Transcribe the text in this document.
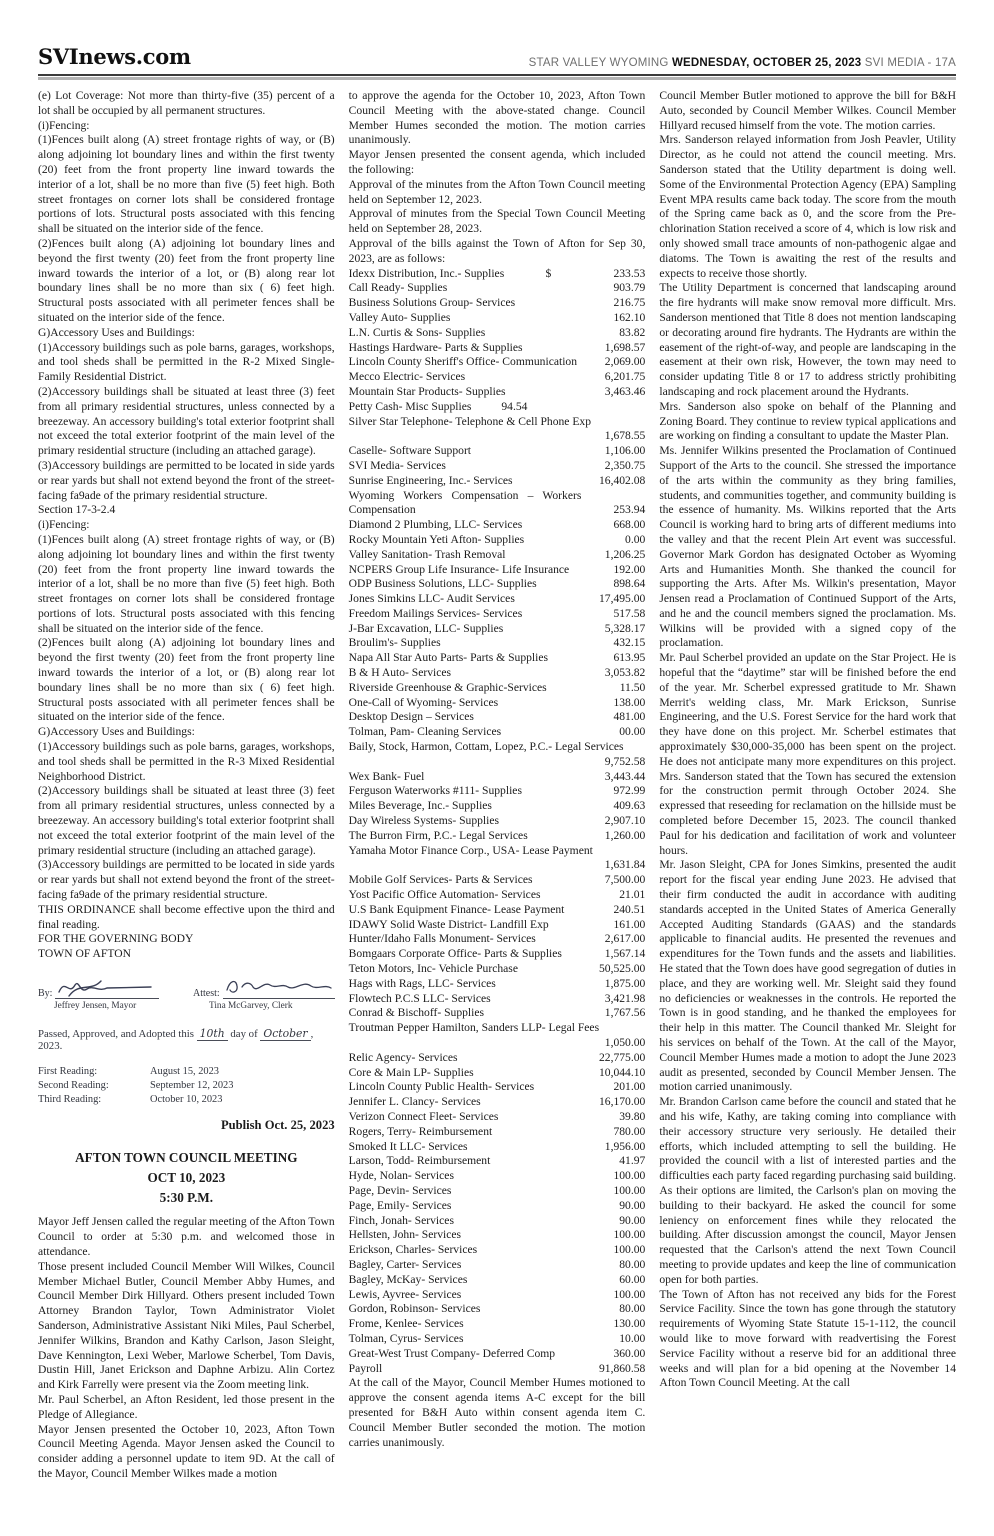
SVInews.com	STAR VALLEY WYOMING WEDNESDAY, OCTOBER 25, 2023 SVI MEDIA - 17A

(e) Lot Coverage: Not more than thirty-five (35) percent of a lot shall be occupied by all permanent structures.

(i)Fencing:

(1)Fences built along (A) street frontage rights of way, or (B) along adjoining lot boundary lines and within the first twenty (20) feet from the front property line inward towards the interior of a lot, shall be no more than five (5) feet high. Both street frontages on corner lots shall be considered frontage portions of lots. Structural posts associated with this fencing shall be situated on the interior side of the fence.

(2)Fences built along (A) adjoining lot boundary lines and beyond the first twenty (20) feet from the front property line inward towards the interior of a lot, or (B) along rear lot boundary lines shall be no more than six ( 6) feet high. Structural posts associated with all perimeter fences shall be situated on the interior side of the fence.

G)Accessory Uses and Buildings:

(1)Accessory buildings such as pole barns, garages, workshops, and tool sheds shall be permitted in the R-2 Mixed Single-Family Residential District.

(2)Accessory buildings shall be situated at least three (3) feet from all primary residential structures, unless connected by a breezeway. An accessory building's total exterior footprint shall not exceed the total exterior footprint of the main level of the primary residential structure (including an attached garage).

(3)Accessory buildings are permitted to be located in side yards or rear yards but shall not extend beyond the front of the street-facing fa9ade of the primary residential structure.

Section 17-3-2.4

(i)Fencing:

(1)Fences built along (A) street frontage rights of way, or (B) along adjoining lot boundary lines and within the first twenty (20) feet from the front property line inward towards the interior of a lot, shall be no more than five (5) feet high. Both street frontages on corner lots shall be considered frontage portions of lots. Structural posts associated with this fencing shall be situated on the interior side of the fence.

(2)Fences built along (A) adjoining lot boundary lines and beyond the first twenty (20) feet from the front property line inward towards the interior of a lot, or (B) along rear lot boundary lines shall be no more than six ( 6) feet high. Structural posts associated with all perimeter fences shall be situated on the interior side of the fence.

G)Accessory Uses and Buildings:

(1)Accessory buildings such as pole barns, garages, workshops, and tool sheds shall be permitted in the R-3 Mixed Residential Neighborhood District.

(2)Accessory buildings shall be situated at least three (3) feet from all primary residential structures, unless connected by a breezeway. An accessory building's total exterior footprint shall not exceed the total exterior footprint of the main level of the primary residential structure (including an attached garage).

(3)Accessory buildings are permitted to be located in side yards or rear yards but shall not extend beyond the front of the street-facing fa9ade of the primary residential structure.

THIS ORDINANCE shall become effective upon the third and final reading.

FOR THE GOVERNING BODY

TOWN OF AFTON

By:
Jeffrey Jensen, Mayor
Attest:
Tina McGarvey, Clerk

Passed, Approved, and Adopted this 10th day of October , 2023.

First Reading:	August 15, 2023
Second Reading:	September 12, 2023
Third Reading:	October 10, 2023

Publish Oct. 25, 2023

AFTON TOWN COUNCIL MEETING
OCT 10, 2023
5:30 P.M.

Mayor Jeff Jensen called the regular meeting of the Afton Town Council to order at 5:30 p.m. and welcomed those in attendance.

Those present included Council Member Will Wilkes, Council Member Michael Butler, Council Member Abby Humes, and Council Member Dirk Hillyard. Others present included Town Attorney Brandon Taylor, Town Administrator Violet Sanderson, Administrative Assistant Niki Miles, Paul Scherbel, Jennifer Wilkins, Brandon and Kathy Carlson, Jason Sleight, Dave Kennington, Lexi Weber, Marlowe Scherbel, Tom Davis, Dustin Hill, Janet Erickson and Daphne Arbizu. Alin Cortez and Kirk Farrelly were present via the Zoom meeting link.

Mr. Paul Scherbel, an Afton Resident, led those present in the Pledge of Allegiance.

Mayor Jensen presented the October 10, 2023, Afton Town Council Meeting Agenda. Mayor Jensen asked the Council to consider adding a personnel update to item 9D. At the call of the Mayor, Council Member Wilkes made a motion

to approve the agenda for the October 10, 2023, Afton Town Council Meeting with the above-stated change. Council Member Humes seconded the motion. The motion carries unanimously.

Mayor Jensen presented the consent agenda, which included the following:

Approval of the minutes from the Afton Town Council meeting held on September 12, 2023.

Approval of minutes from the Special Town Council Meeting held on September 28, 2023.

Approval of the bills against the Town of Afton for Sep 30, 2023, are as follows:

Idexx Distribution, Inc.- Supplies	$	233.53
Call Ready- Supplies	903.79
Business Solutions Group- Services	216.75
Valley Auto- Supplies	162.10
L.N. Curtis & Sons- Supplies	83.82
Hastings Hardware- Parts & Supplies	1,698.57
Lincoln County Sheriff's Office- Communication	2,069.00
Mecco Electric- Services	6,201.75
Mountain Star Products- Supplies	3,463.46
Petty Cash- Misc Supplies	94.54
Silver Star Telephone- Telephone & Cell Phone Exp
1,678.55
Caselle- Software Support	1,106.00
SVI Media- Services	2,350.75
Sunrise Engineering, Inc.- Services	16,402.08
Wyoming Workers Compensation – Workers Compensation	253.94
Diamond 2 Plumbing, LLC- Services	668.00
Rocky Mountain Yeti Afton- Supplies	0.00
Valley Sanitation- Trash Removal	1,206.25
NCPERS Group Life Insurance- Life Insurance	192.00
ODP Business Solutions, LLC- Supplies	898.64
Jones Simkins LLC- Audit Services	17,495.00
Freedom Mailings Services- Services	517.58
J-Bar Excavation, LLC- Supplies	5,328.17
Broulim's- Supplies	432.15
Napa All Star Auto Parts- Parts & Supplies	613.95
B & H Auto- Services	3,053.82
Riverside Greenhouse & Graphic-Services	11.50
One-Call of Wyoming- Services	138.00
Desktop Design – Services	481.00
Tolman, Pam- Cleaning Services	00.00
Baily, Stock, Harmon, Cottam, Lopez, P.C.- Legal Services
9,752.58
Wex Bank- Fuel	3,443.44
Ferguson Waterworks #111- Supplies	972.99
Miles Beverage, Inc.- Supplies	409.63
Day Wireless Systems- Supplies	2,907.10
The Burron Firm, P.C.- Legal Services	1,260.00
Yamaha Motor Finance Corp., USA- Lease Payment
1,631.84
Mobile Golf Services- Parts & Services	7,500.00
Yost Pacific Office Automation- Services	21.01
U.S Bank Equipment Finance- Lease Payment	240.51
IDAWY Solid Waste District- Landfill Exp	161.00
Hunter/Idaho Falls Monument- Services	2,617.00
Bomgaars Corporate Office- Parts & Supplies	1,567.14
Teton Motors, Inc- Vehicle Purchase	50,525.00
Hags with Rags, LLC- Services	1,875.00
Flowtech P.C.S LLC- Services	3,421.98
Conrad & Bischoff- Supplies	1,767.56
Troutman Pepper Hamilton, Sanders LLP- Legal Fees
1,050.00
Relic Agency- Services	22,775.00
Core & Main LP- Supplies	10,044.10
Lincoln County Public Health- Services	201.00
Jennifer L. Clancy- Services	16,170.00
Verizon Connect Fleet- Services	39.80
Rogers, Terry- Reimbursement	780.00
Smoked It LLC- Services	1,956.00
Larson, Todd- Reimbursement	41.97
Hyde, Nolan- Services	100.00
Page, Devin- Services	100.00
Page, Emily- Services	90.00
Finch, Jonah- Services	90.00
Hellsten, John- Services	100.00
Erickson, Charles- Services	100.00
Bagley, Carter- Services	80.00
Bagley, McKay- Services	60.00
Lewis, Ayvree- Services	100.00
Gordon, Robinson- Services	80.00
Frome, Kenlee- Services	130.00
Tolman, Cyrus- Services	10.00
Great-West Trust Company- Deferred Comp	360.00
Payroll	91,860.58

At the call of the Mayor, Council Member Humes motioned to approve the consent agenda items A-C except for the bill presented for B&H Auto within consent agenda item C. Council Member Butler seconded the motion. The motion carries unanimously.

Council Member Butler motioned to approve the bill for B&H Auto, seconded by Council Member Wilkes. Council Member Hillyard recused himself from the vote. The motion carries.

Mrs. Sanderson relayed information from Josh Peavler, Utility Director, as he could not attend the council meeting. Mrs. Sanderson stated that the Utility department is doing well. Some of the Environmental Protection Agency (EPA) Sampling Event MPA results came back today. The score from the mouth of the Spring came back as 0, and the score from the Pre-chlorination Station received a score of 4, which is low risk and only showed small trace amounts of non-pathogenic algae and diatoms. The Town is awaiting the rest of the results and expects to receive those shortly.

The Utility Department is concerned that landscaping around the fire hydrants will make snow removal more difficult. Mrs. Sanderson mentioned that Title 8 does not mention landscaping or decorating around fire hydrants. The Hydrants are within the easement of the right-of-way, and people are landscaping in the easement at their own risk, However, the town may need to consider updating Title 8 or 17 to address strictly prohibiting landscaping and rock placement around the Hydrants.

Mrs. Sanderson also spoke on behalf of the Planning and Zoning Board. They continue to review typical applications and are working on finding a consultant to update the Master Plan.

Ms. Jennifer Wilkins presented the Proclamation of Continued Support of the Arts to the council. She stressed the importance of the arts within the community as they bring families, students, and communities together, and community building is the essence of humanity. Ms. Wilkins reported that the Arts Council is working hard to bring arts of different mediums into the valley and that the recent Plein Art event was successful. Governor Mark Gordon has designated October as Wyoming Arts and Humanities Month. She thanked the council for supporting the Arts. After Ms. Wilkin's presentation, Mayor Jensen read a Proclamation of Continued Support of the Arts, and he and the council members signed the proclamation. Ms. Wilkins will be provided with a signed copy of the proclamation.

Mr. Paul Scherbel provided an update on the Star Project. He is hopeful that the “daytime” star will be finished before the end of the year. Mr. Scherbel expressed gratitude to Mr. Shawn Merrit's welding class, Mr. Mark Erickson, Sunrise Engineering, and the U.S. Forest Service for the hard work that they have done on this project. Mr. Scherbel estimates that approximately $30,000-35,000 has been spent on the project. He does not anticipate many more expenditures on this project. Mrs. Sanderson stated that the Town has secured the extension for the construction permit through October 2024. She expressed that reseeding for reclamation on the hillside must be completed before December 15, 2023. The council thanked Paul for his dedication and facilitation of work and volunteer hours.

Mr. Jason Sleight, CPA for Jones Simkins, presented the audit report for the fiscal year ending June 2023. He advised that their firm conducted the audit in accordance with auditing standards accepted in the United States of America Generally Accepted Auditing Standards (GAAS) and the standards applicable to financial audits. He presented the revenues and expenditures for the Town funds and the assets and liabilities. He stated that the Town does have good segregation of duties in place, and they are working well. Mr. Sleight said they found no deficiencies or weaknesses in the controls. He reported the Town is in good standing, and he thanked the employees for their help in this matter. The Council thanked Mr. Sleight for his services on behalf of the Town. At the call of the Mayor, Council Member Humes made a motion to adopt the June 2023 audit as presented, seconded by Council Member Jensen. The motion carried unanimously.

Mr. Brandon Carlson came before the council and stated that he and his wife, Kathy, are taking coming into compliance with their accessory structure very seriously. He detailed their efforts, which included attempting to sell the building. He provided the council with a list of interested parties and the difficulties each party faced regarding purchasing said building. As their options are limited, the Carlson's plan on moving the building to their backyard. He asked the council for some leniency on enforcement fines while they relocated the building. After discussion amongst the council, Mayor Jensen requested that the Carlson's attend the next Town Council meeting to provide updates and keep the line of communication open for both parties.

The Town of Afton has not received any bids for the Forest Service Facility. Since the town has gone through the statutory requirements of Wyoming State Statute 15-1-112, the council would like to move forward with readvertising the Forest Service Facility without a reserve bid for an additional three weeks and will plan for a bid opening at the November 14 Afton Town Council Meeting. At the call
